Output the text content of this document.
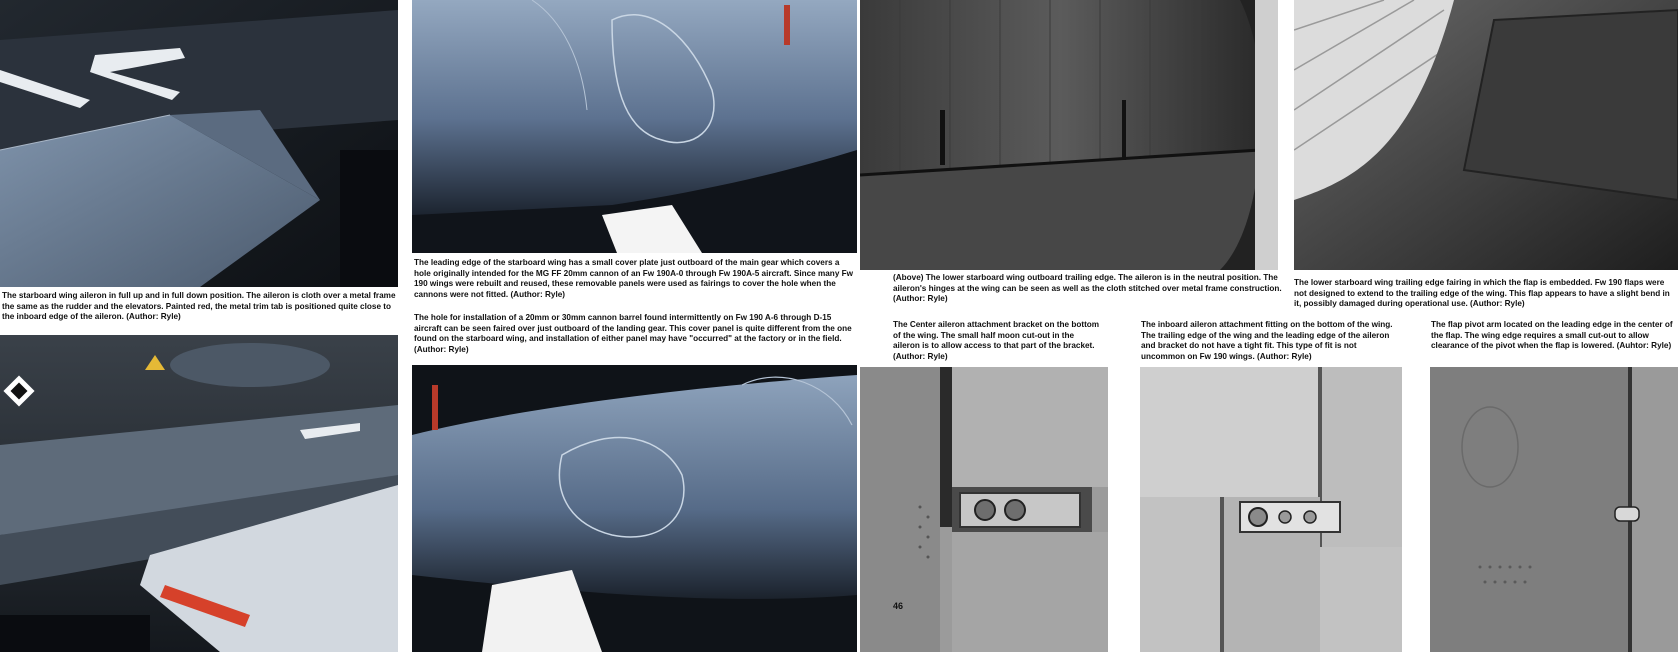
The starboard wing aileron in full up and in full down position. The aileron is cloth over a metal frame the same as the rudder and the elevators. Painted red, the metal trim tab is positioned quite close to the inboard edge of the aileron. (Author: Ryle)

The leading edge of the starboard wing has a small cover plate just outboard of the main gear which covers a hole originally intended for the MG FF 20mm cannon of an Fw 190A-0 through Fw 190A-5 aircraft. Since many Fw 190 wings were rebuilt and reused, these removable panels were used as fairings to cover the hole when the cannons were not fitted. (Author: Ryle)

The hole for installation of a 20mm or 30mm cannon barrel found intermittently on Fw 190 A-6 through D-15 aircraft can be seen faired over just outboard of the landing gear. This cover panel is quite different from the one found on the starboard wing, and installation of either panel may have "occurred" at the factory or in the field. (Author: Ryle)

(Above) The lower starboard wing outboard trailing edge. The aileron is in the neutral position. The aileron's hinges at the wing can be seen as well as the cloth stitched over metal frame construction. (Author: Ryle)

The lower starboard wing trailing edge fairing in which the flap is embedded. Fw 190 flaps were not designed to extend to the trailing edge of the wing. This flap appears to have a slight bend in it, possibly damaged during operational use. (Author: Ryle)

The Center aileron attachment bracket on the bottom of the wing. The small half moon cut-out in the aileron is to allow access to that part of the bracket. (Author: Ryle)

The inboard aileron attachment fitting on the bottom of the wing. The trailing edge of the wing and the leading edge of the aileron and bracket do not have a tight fit. This type of fit is not uncommon on Fw 190 wings. (Author: Ryle)

The flap pivot arm located on the leading edge in the center of the flap. The wing edge requires a small cut-out to allow clearance of the pivot when the flap is lowered. (Auhtor: Ryle)

46
